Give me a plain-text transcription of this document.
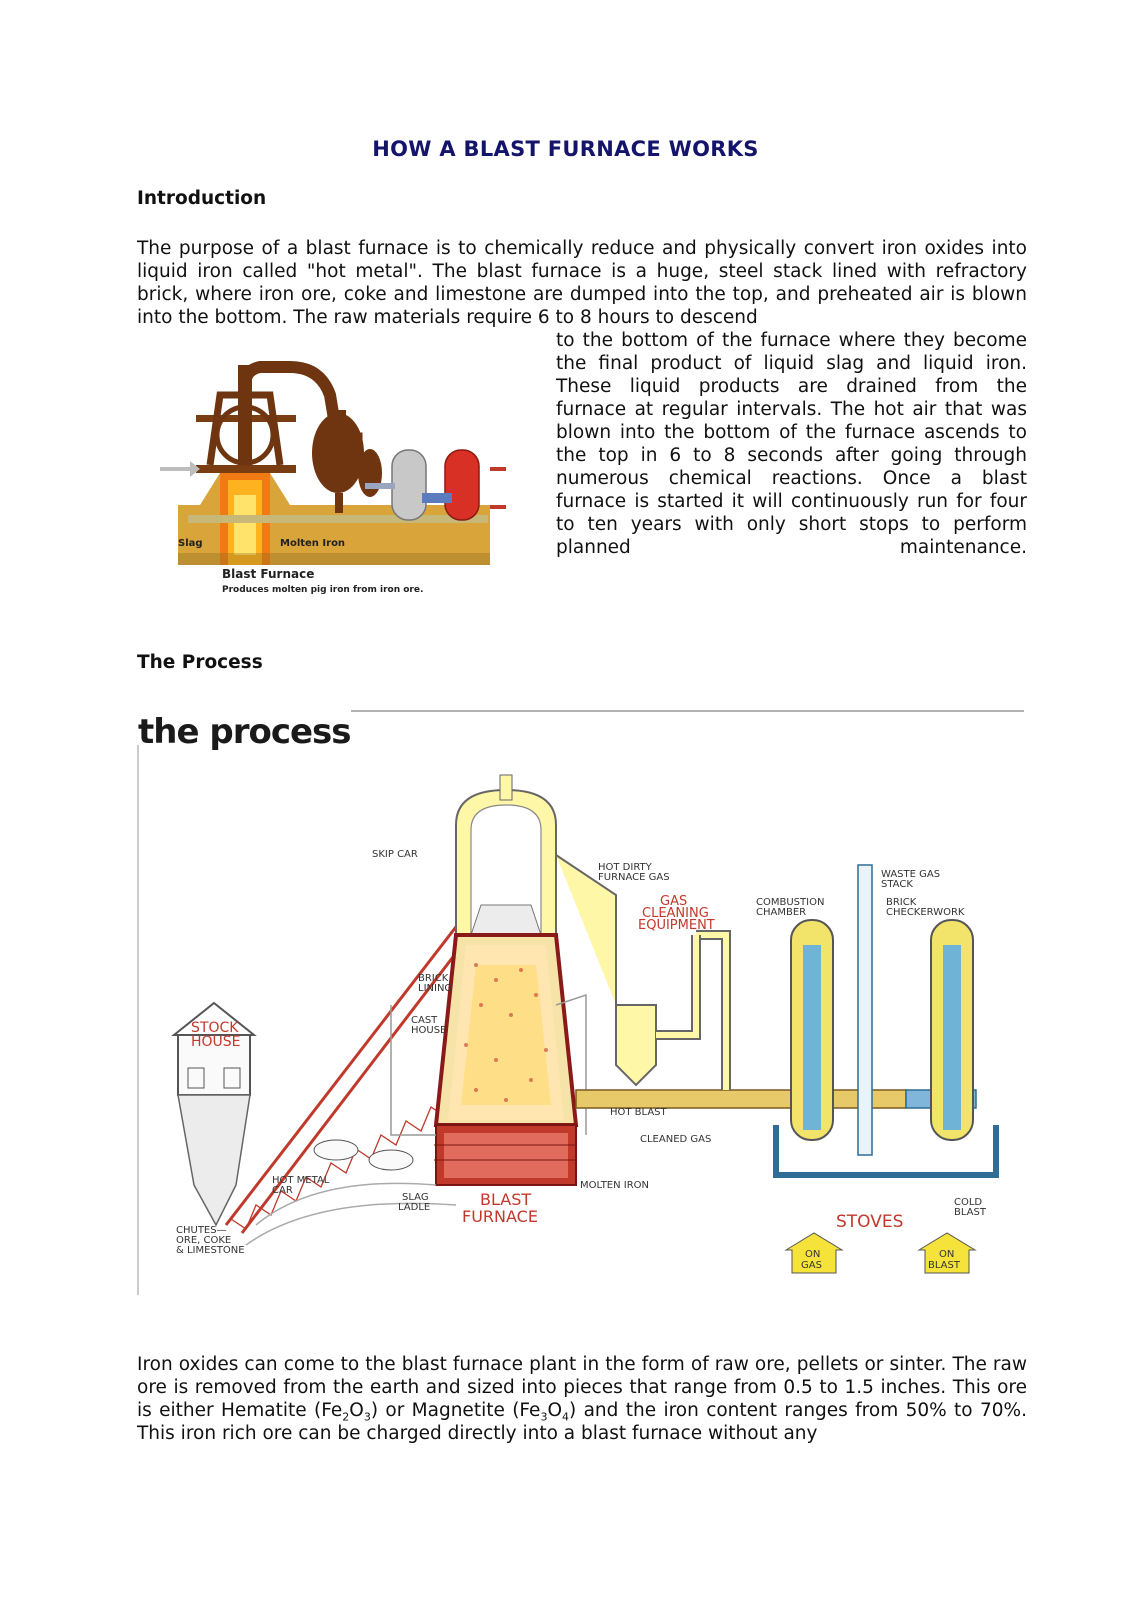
HOW A BLAST FURNACE WORKS
Introduction
The purpose of a blast furnace is to chemically reduce and physically convert iron oxides into liquid iron called "hot metal". The blast furnace is a huge, steel stack lined with refractory brick, where iron ore, coke and limestone are dumped into the top, and preheated air is blown into the bottom. The raw materials require 6 to 8 hours to descend
to the bottom of the furnace where they become the final product of liquid slag and liquid iron. These liquid products are drained from the furnace at regular intervals. The hot air that was blown into the bottom of the furnace ascends to the top in 6 to 8 seconds after going through numerous chemical reactions. Once a blast furnace is started it will continuously run for four to ten years with only short stops to perform planned maintenance.
Slag	Molten Iron
Blast Furnace
Produces molten pig iron from iron ore.
The Process
the process
STOCK
HOUSE
SKIP CAR
HOT DIRTY
FURNACE GAS
COMBUSTION
CHAMBER
WASTE GAS
STACK
BRICK
CHECKERWORK
BRICK
LINING
CAST
HOUSE
HOT BLAST
CLEANED GAS
MOLTEN IRON
HOT METAL
CAR
SLAG
LADLE	COLD
BLAST
CHUTES—
ORE, COKE
& LIMESTONE
GAS
CLEANING
EQUIPMENT
BLAST
FURNACE	STOVES
ON
GAS
ON
BLAST
Iron oxides can come to the blast furnace plant in the form of raw ore, pellets or sinter. The raw ore is removed from the earth and sized into pieces that range from 0.5 to 1.5 inches. This ore is either Hematite $(Fe_2O_3)$ or Magnetite $(Fe_3O_4)$ and the iron content ranges from 50% to 70%. This iron rich ore can be charged directly into a blast furnace without any
